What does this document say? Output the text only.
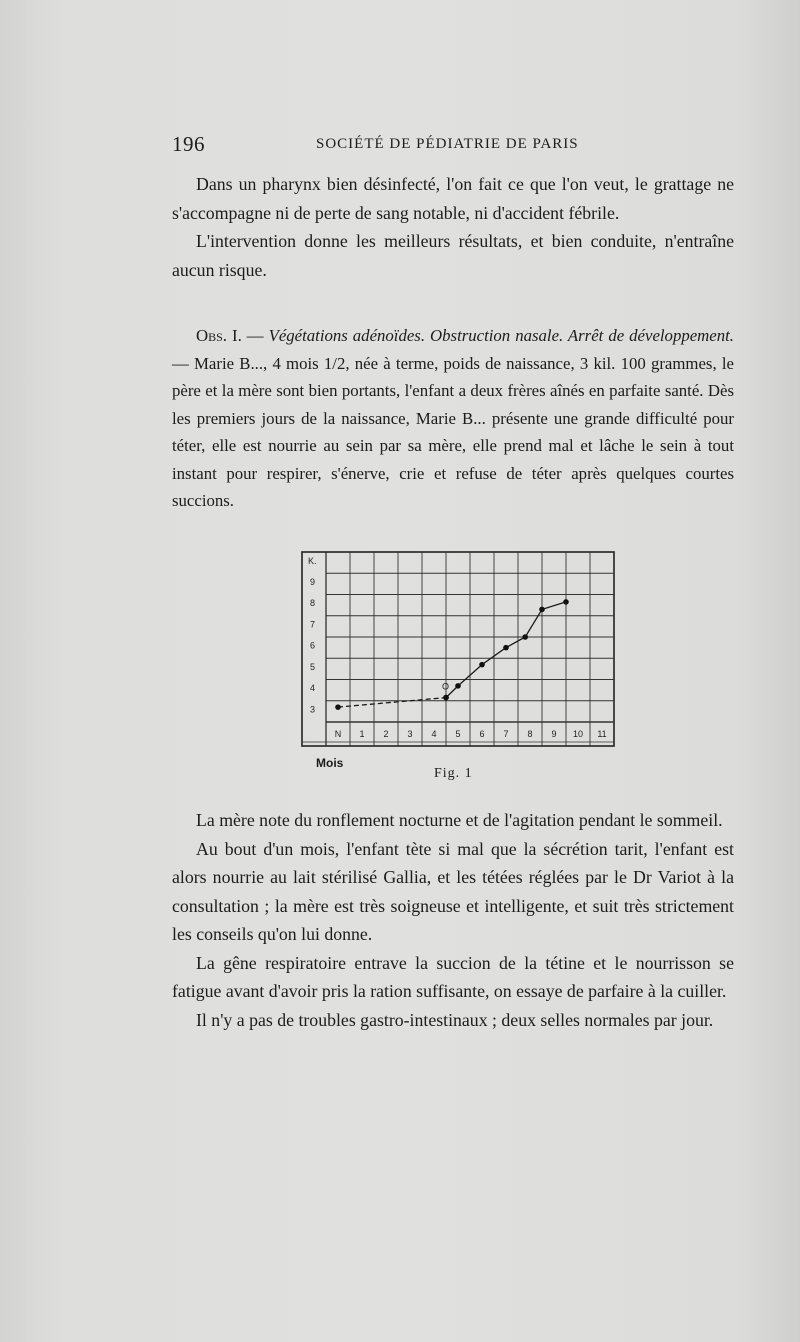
196	SOCIÉTÉ DE PÉDIATRIE DE PARIS

Dans un pharynx bien désinfecté, l'on fait ce que l'on veut, le grattage ne s'accompagne ni de perte de sang notable, ni d'accident fébrile.

L'intervention donne les meilleurs résultats, et bien conduite, n'entraîne aucun risque.

Obs. I. — Végétations adénoïdes. Obstruction nasale. Arrêt de développement. — Marie B..., 4 mois 1/2, née à terme, poids de naissance, 3 kil. 100 grammes, le père et la mère sont bien portants, l'enfant a deux frères aînés en parfaite santé. Dès les premiers jours de la naissance, Marie B... présente une grande difficulté pour téter, elle est nourrie au sein par sa mère, elle prend mal et lâche le sein à tout instant pour respirer, s'énerve, crie et refuse de téter après quelques courtes succions.

K.
3
4
5
6
7
8
9
N 1 2 3 4 5 6 7 8 9 10 11
O
Mois
Fig. 1

La mère note du ronflement nocturne et de l'agitation pendant le sommeil.

Au bout d'un mois, l'enfant tète si mal que la sécrétion tarit, l'enfant est alors nourrie au lait stérilisé Gallia, et les tétées réglées par le Dr Variot à la consultation ; la mère est très soigneuse et intelligente, et suit très strictement les conseils qu'on lui donne.

La gêne respiratoire entrave la succion de la tétine et le nourrisson se fatigue avant d'avoir pris la ration suffisante, on essaye de parfaire à la cuiller.

Il n'y a pas de troubles gastro-intestinaux ; deux selles normales par jour.
